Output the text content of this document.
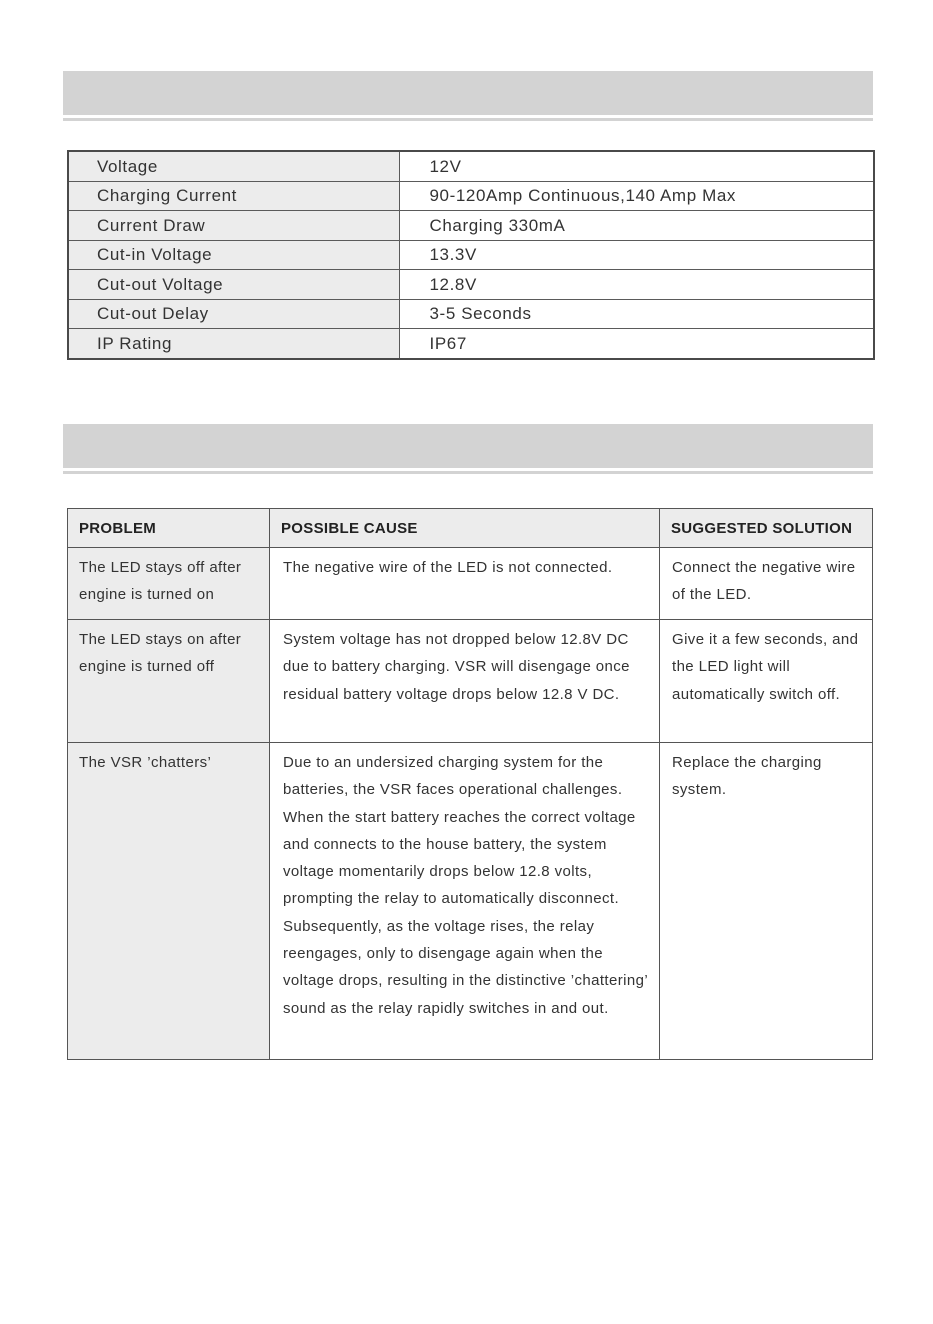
Voltage	12V
Charging Current	90-120Amp Continuous,140 Amp Max
Current Draw	Charging 330mA
Cut-in Voltage	13.3V
Cut-out Voltage	12.8V
Cut-out Delay	3-5 Seconds
IP Rating	IP67
PROBLEM	POSSIBLE CAUSE	SUGGESTED SOLUTION
The LED stays off after engine is turned on	The negative wire of the LED is not connected.	Connect the negative wire of the LED.
The LED stays on after engine is turned off	System voltage has not dropped below 12.8V DC due to battery charging. VSR will disengage once residual battery voltage drops below 12.8 V DC.	Give it a few seconds, and the LED light will automatically switch off.
The VSR ’chatters’	Due to an undersized charging system for the batteries, the VSR faces operational challenges. When the start battery reaches the correct voltage and connects to the house battery, the system voltage momentarily drops below 12.8 volts, prompting the relay to automatically disconnect. Subsequently, as the voltage rises, the relay reengages, only to disengage again when the voltage drops, resulting in the distinctive ’chattering’ sound as the relay rapidly switches in and out.	Replace the charging system.
